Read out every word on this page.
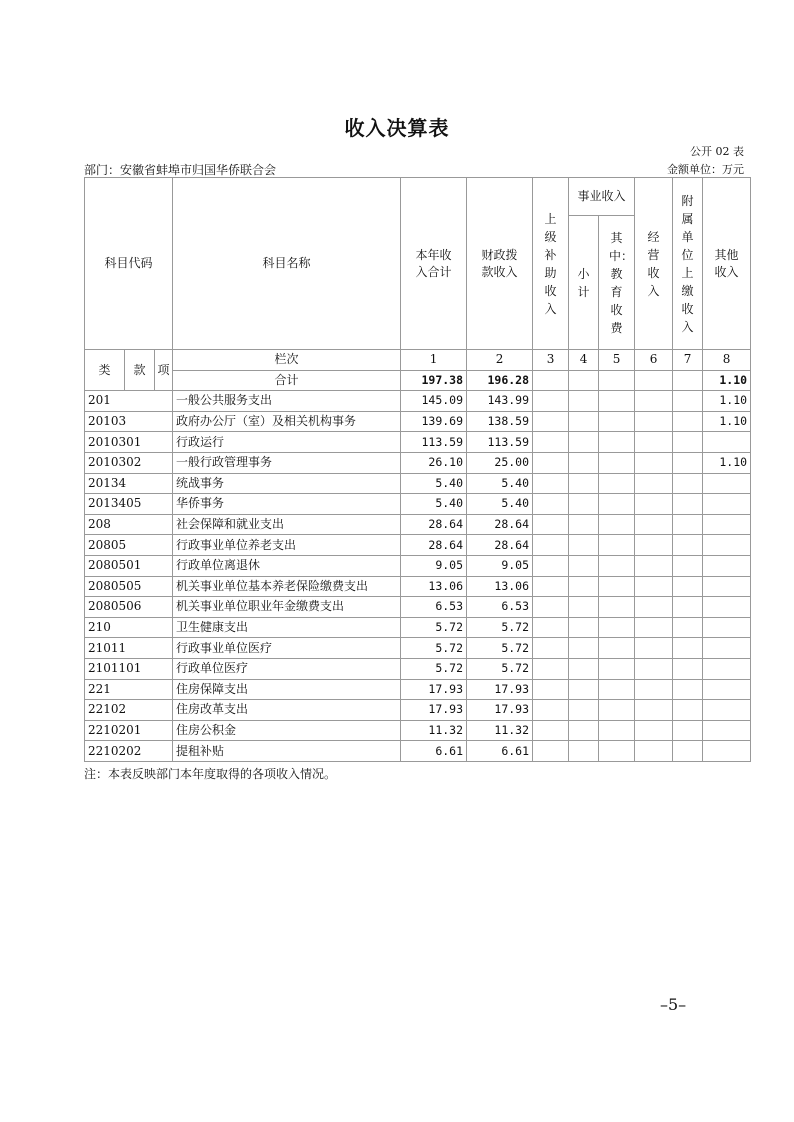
收入决算表
公开 02 表
部门：安徽省蚌埠市归国华侨联合会	金额单位：万元
科目代码			科目名称	本年收入合计	财政拨款收入	上级补助收入	事业收入		经营收入	附属单位上缴收入	其他收入
							小计	其中：教育收费			
类	款	项	栏次	1	2	3	4	5	6	7	8
			合计	197.38	196.28						1.10
201			一般公共服务支出	145.09	143.99						1.10
20103			政府办公厅（室）及相关机构事务	139.69	138.59						1.10
2010301			行政运行	113.59	113.59						
2010302			一般行政管理事务	26.10	25.00						1.10
20134			统战事务	5.40	5.40						
2013405			华侨事务	5.40	5.40						
208			社会保障和就业支出	28.64	28.64						
20805			行政事业单位养老支出	28.64	28.64						
2080501			行政单位离退休	9.05	9.05						
2080505			机关事业单位基本养老保险缴费支出	13.06	13.06						
2080506			机关事业单位职业年金缴费支出	6.53	6.53						
210			卫生健康支出	5.72	5.72						
21011			行政事业单位医疗	5.72	5.72						
2101101			行政单位医疗	5.72	5.72						
221			住房保障支出	17.93	17.93						
22102			住房改革支出	17.93	17.93						
2210201			住房公积金	11.32	11.32						
2210202			提租补贴	6.61	6.61						
注：本表反映部门本年度取得的各项收入情况。
–5–
